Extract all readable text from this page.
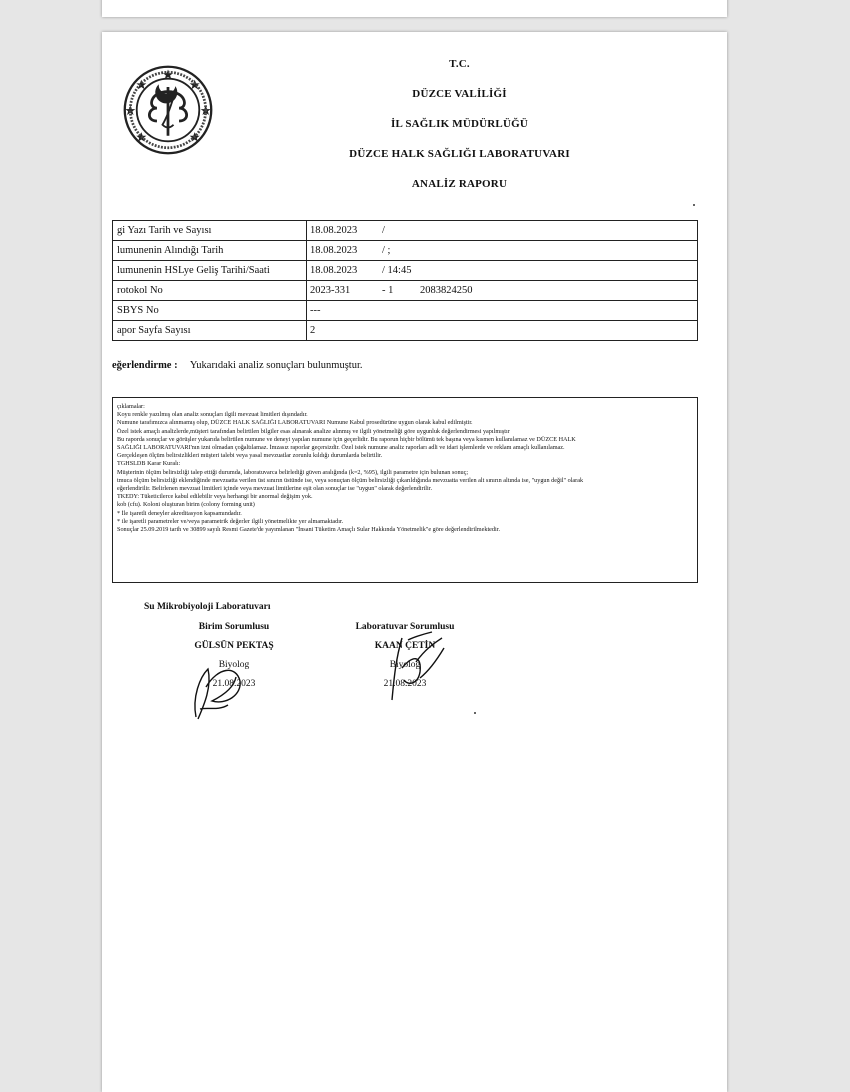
T.C.
DÜZCE VALİLİĞİ
İL SAĞLIK MÜDÜRLÜĞÜ
DÜZCE HALK SAĞLIĞI LABORATUVARI
ANALİZ RAPORU
gi Yazı Tarih ve Sayısı	18.08.2023 /
lumunenin Alındığı Tarih	18.08.2023 / ;
lumunenin HSLye Geliş Tarihi/Saati	18.08.2023 / 14:45
rotokol No	2023-331 - 1 2083824250
SBYS No	---
apor Sayfa Sayısı	2
eğerlendirme : Yukarıdaki analiz sonuçları bulunmuştur.
çıklamalar:
Koyu renkle yazılmış olan analiz sonuçları ilgili mevzuat limitleri dışındadır.
Numune tarafımızca alınmamış olup, DÜZCE HALK SAĞLIĞI LABORATUVARI Numune Kabul prosedürüne uygun olarak kabul edilmiştir.
Özel istek amaçlı analizlerde,müşteri tarafından belirtilen bilgiler esas alınarak analize alınmış ve ilgili yönetmeliği göre uygunluk değerlendirmesi yapılmıştır
Bu raporda sonuçlar ve görüşler yukarıda belirtilen numune ve deneyi yapılan numune için geçerlidir. Bu raporun hiçbir bölümü tek başına veya kısmen kullanılamaz ve DÜZCE HALK
SAĞLIĞI LABORATUVARI'nın izni olmadan çoğaltılamaz. İmzasız raporlar geçersizdir. Özel istek numune analiz raporları adli ve idari işlemlerde ve reklam amaçlı kullanılamaz.
Gerçekleşen ölçüm belirsizlikleri müşteri talebi veya yasal mevzuatlar zorunlu kıldığı durumlarda belirtilir.
TGHSLDB Karar Kuralı:
Müşterinin ölçüm belirsizliği talep ettiği durumda, laboratuvarca belirlediği güven aralığında (k=2, %95), ilgili parametre için bulunan sonuç;
tmuca ölçüm belirsizliği eklendiğinde mevzuatta verilen üst sınırın üstünde ise, veya sonuçtan ölçüm belirsizliği çıkarıldığında mevzuatta verilen alt sınırın altında ise, "uygun değil" olarak
eğerlendirilir. Belirlenen mevzuat limitleri içinde veya mevzuat limitlerine eşit olan sonuçlar ise "uygun" olarak değerlendirilir.
TKEDY: Tüketicilerce kabul edilebilir veya herhangi bir anormal değişim yok.
kob (cfu). Koloni oluşturan birim (colony forming unit)
* İle işaretli deneyler akreditasyon kapsamındadır.
* ile işaretli parametreler ve/veya parametrik değerler ilgili yönetmelikte yer almamaktadır.
Sonuçlar 25.09.2019 tarih ve 30899 sayılı Resmi Gazete'de yayımlanan "İnsani Tüketim Amaçlı Sular Hakkında Yönetmelik"e göre değerlendirilmektedir.
Su Mikrobiyoloji Laboratuvarı
Birim Sorumlusu
GÜLSÜN PEKTAŞ
Biyolog
21.08.2023
Laboratuvar Sorumlusu
KAAN ÇETİN
Biyolog
21.08.2023
